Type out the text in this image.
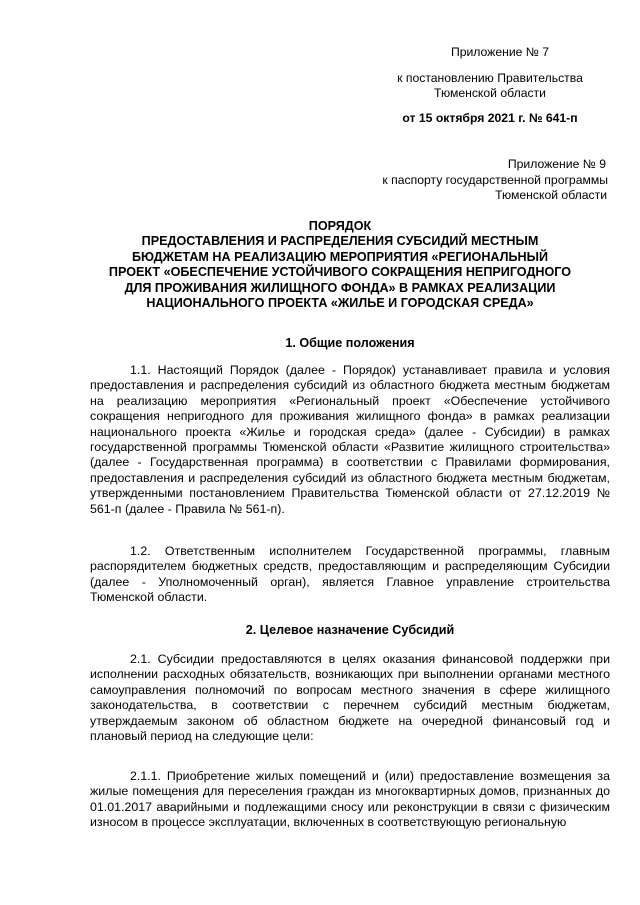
Приложение № 7
к постановлению Правительства
Тюменской области
от 15 октября 2021 г. № 641-п
Приложение № 9
к паспорту государственной программы
Тюменской области
ПОРЯДОК
ПРЕДОСТАВЛЕНИЯ И РАСПРЕДЕЛЕНИЯ СУБСИДИЙ МЕСТНЫМ
БЮДЖЕТАМ НА РЕАЛИЗАЦИЮ МЕРОПРИЯТИЯ «РЕГИОНАЛЬНЫЙ
ПРОЕКТ «ОБЕСПЕЧЕНИЕ УСТОЙЧИВОГО СОКРАЩЕНИЯ НЕПРИГОДНОГО
ДЛЯ ПРОЖИВАНИЯ ЖИЛИЩНОГО ФОНДА» В РАМКАХ РЕАЛИЗАЦИИ
НАЦИОНАЛЬНОГО ПРОЕКТА «ЖИЛЬЕ И ГОРОДСКАЯ СРЕДА»
1. Общие положения

1.1. Настоящий Порядок (далее - Порядок) устанавливает правила и условия предоставления и распределения субсидий из областного бюджета местным бюджетам на реализацию мероприятия «Региональный проект «Обеспечение устойчивого сокращения непригодного для проживания жилищного фонда» в рамках реализации национального проекта «Жилье и городская среда» (далее - Субсидии) в рамках государственной программы Тюменской области «Развитие жилищного строительства» (далее - Государственная программа) в соответствии с Правилами формирования, предоставления и распределения субсидий из областного бюджета местным бюджетам, утвержденными постановлением Правительства Тюменской области от 27.12.2019 № 561-п (далее - Правила № 561-п).

1.2. Ответственным исполнителем Государственной программы, главным распорядителем бюджетных средств, предоставляющим и распределяющим Субсидии (далее - Уполномоченный орган), является Главное управление строительства Тюменской области.

2. Целевое назначение Субсидий

2.1. Субсидии предоставляются в целях оказания финансовой поддержки при исполнении расходных обязательств, возникающих при выполнении органами местного самоуправления полномочий по вопросам местного значения в сфере жилищного законодательства, в соответствии с перечнем субсидий местным бюджетам, утверждаемым законом об областном бюджете на очередной финансовый год и плановый период на следующие цели:

2.1.1. Приобретение жилых помещений и (или) предоставление возмещения за жилые помещения для переселения граждан из многоквартирных домов, признанных до 01.01.2017 аварийными и подлежащими сносу или реконструкции в связи с физическим износом в процессе эксплуатации, включенных в соответствующую региональную
